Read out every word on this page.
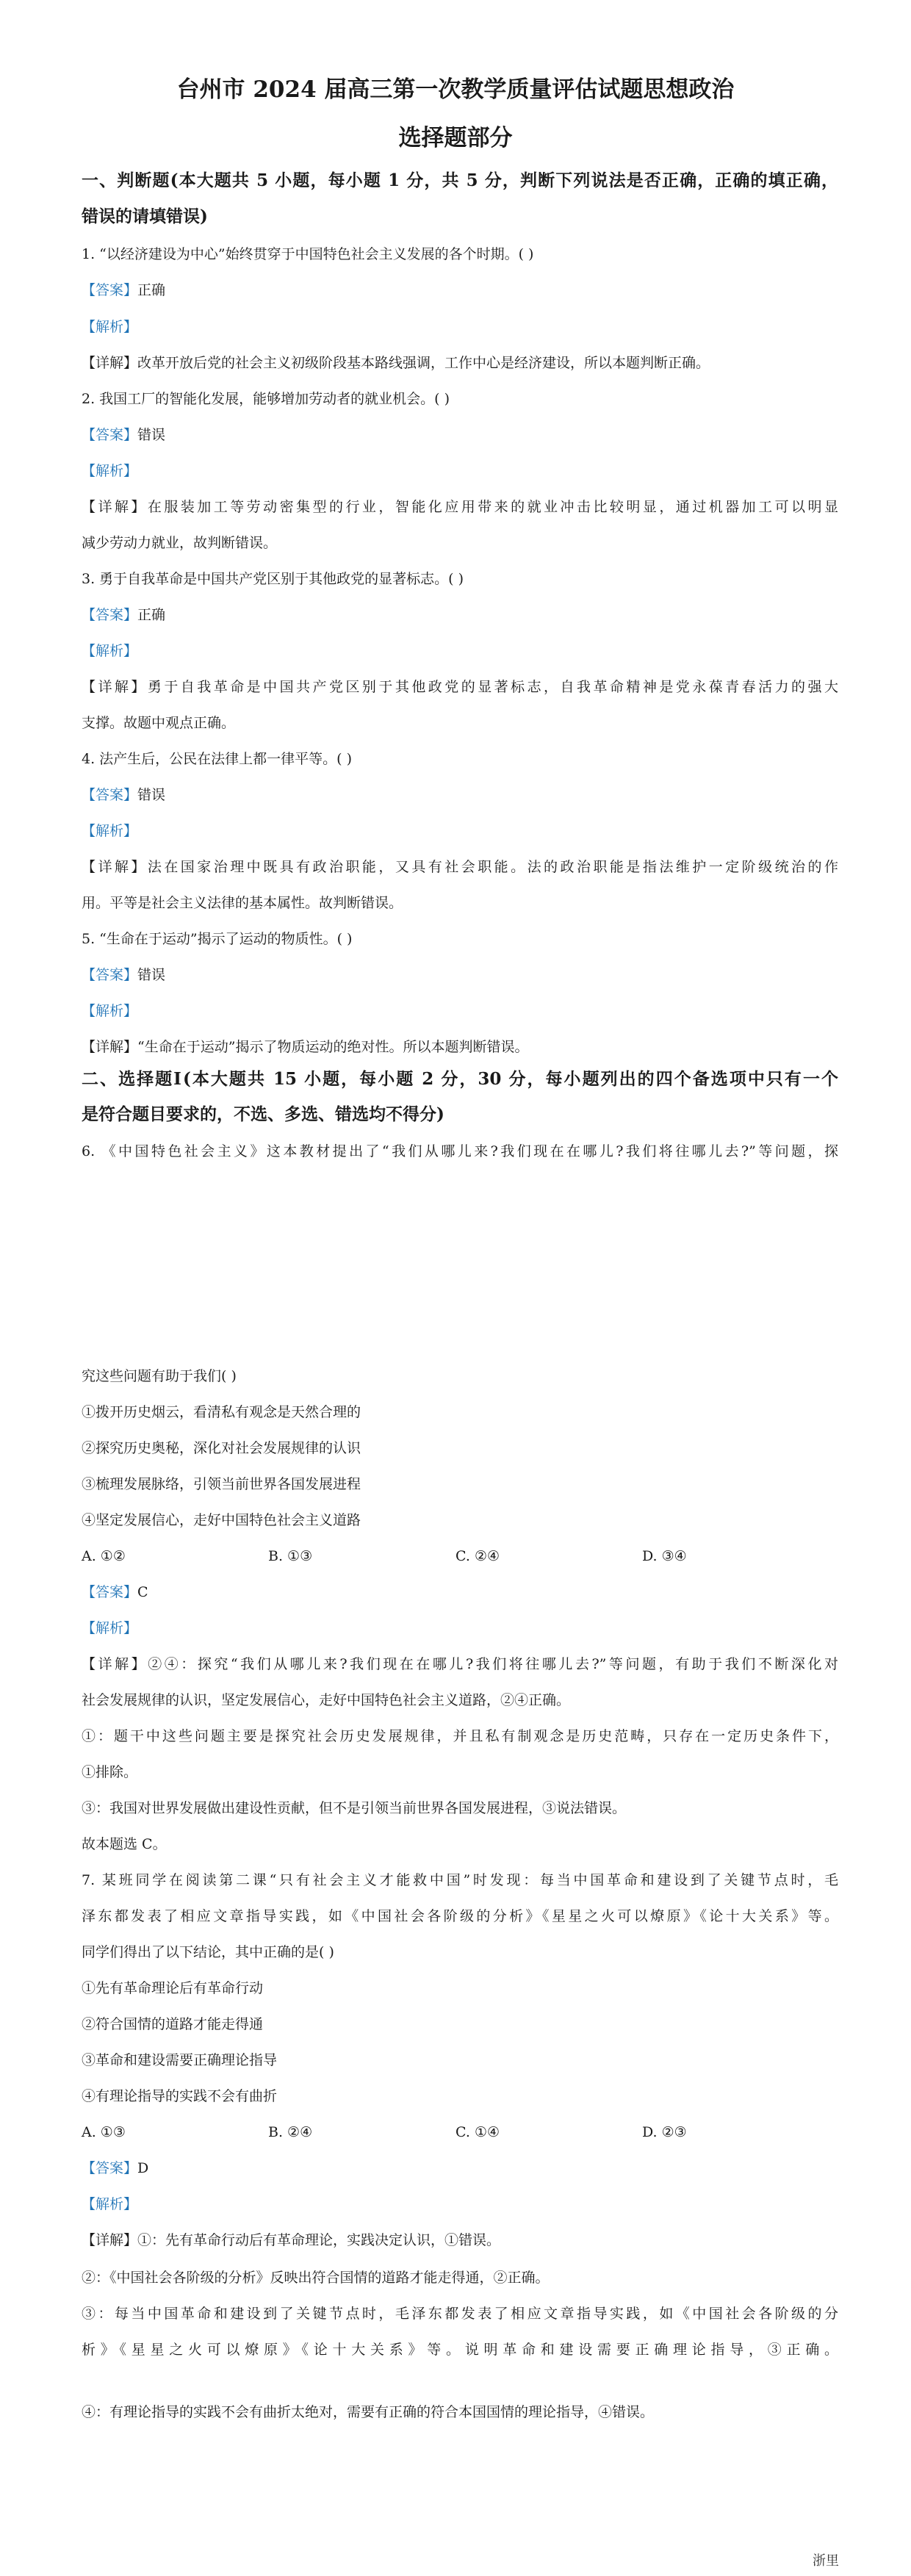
台州市 2024 届高三第一次教学质量评估试题思想政治
选择题部分
一、判断题(本大题共 5 小题，每小题 1 分，共 5 分，判断下列说法是否正确，正确的填正确，
错误的请填错误)
1. “以经济建设为中心”始终贯穿于中国特色社会主义发展的各个时期。( )
【答案】正确
【解析】
【详解】改革开放后党的社会主义初级阶段基本路线强调，工作中心是经济建设，所以本题判断正确。
2. 我国工厂的智能化发展，能够增加劳动者的就业机会。( )
【答案】错误
【解析】
【详解】在服装加工等劳动密集型的行业，智能化应用带来的就业冲击比较明显，通过机器加工可以明显
减少劳动力就业，故判断错误。
3. 勇于自我革命是中国共产党区别于其他政党的显著标志。( )
【答案】正确
【解析】
【详解】勇于自我革命是中国共产党区别于其他政党的显著标志，自我革命精神是党永葆青春活力的强大
支撑。故题中观点正确。
4. 法产生后，公民在法律上都一律平等。( )
【答案】错误
【解析】
【详解】法在国家治理中既具有政治职能，又具有社会职能。法的政治职能是指法维护一定阶级统治的作
用。平等是社会主义法律的基本属性。故判断错误。
5. “生命在于运动”揭示了运动的物质性。( )
【答案】错误
【解析】
【详解】“生命在于运动”揭示了物质运动的绝对性。所以本题判断错误。
二、选择题Ⅰ(本大题共 15 小题，每小题 2 分，30 分，每小题列出的四个备选项中只有一个
是符合题目要求的，不选、多选、错选均不得分)
6. 《中国特色社会主义》这本教材提出了“我们从哪儿来?我们现在在哪儿?我们将往哪儿去?”等问题，探
究这些问题有助于我们( )
①拨开历史烟云，看清私有观念是天然合理的
②探究历史奥秘，深化对社会发展规律的认识
③梳理发展脉络，引领当前世界各国发展进程
④坚定发展信心，走好中国特色社会主义道路
A. ①②	B. ①③	C. ②④	D. ③④
【答案】C
【解析】
【详解】②④：探究“我们从哪儿来?我们现在在哪儿?我们将往哪儿去?”等问题，有助于我们不断深化对
社会发展规律的认识，坚定发展信心，走好中国特色社会主义道路，②④正确。
①：题干中这些问题主要是探究社会历史发展规律，并且私有制观念是历史范畴，只存在一定历史条件下，
①排除。
③：我国对世界发展做出建设性贡献，但不是引领当前世界各国发展进程，③说法错误。
故本题选 C。
7. 某班同学在阅读第二课“只有社会主义才能救中国”时发现：每当中国革命和建设到了关键节点时，毛
泽东都发表了相应文章指导实践，如《中国社会各阶级的分析》《星星之火可以燎原》《论十大关系》等。
同学们得出了以下结论，其中正确的是( )
①先有革命理论后有革命行动
②符合国情的道路才能走得通
③革命和建设需要正确理论指导
④有理论指导的实践不会有曲折
A. ①③	B. ②④	C. ①④	D. ②③
【答案】D
【解析】
【详解】①：先有革命行动后有革命理论，实践决定认识，①错误。
②：《中国社会各阶级的分析》反映出符合国情的道路才能走得通，②正确。
③：每当中国革命和建设到了关键节点时，毛泽东都发表了相应文章指导实践，如《中国社会各阶级的分
析》《星星之火可以燎原》《论十大关系》等。说明革命和建设需要正确理论指导，③正确。
④：有理论指导的实践不会有曲折太绝对，需要有正确的符合本国国情的理论指导，④错误。
浙里
